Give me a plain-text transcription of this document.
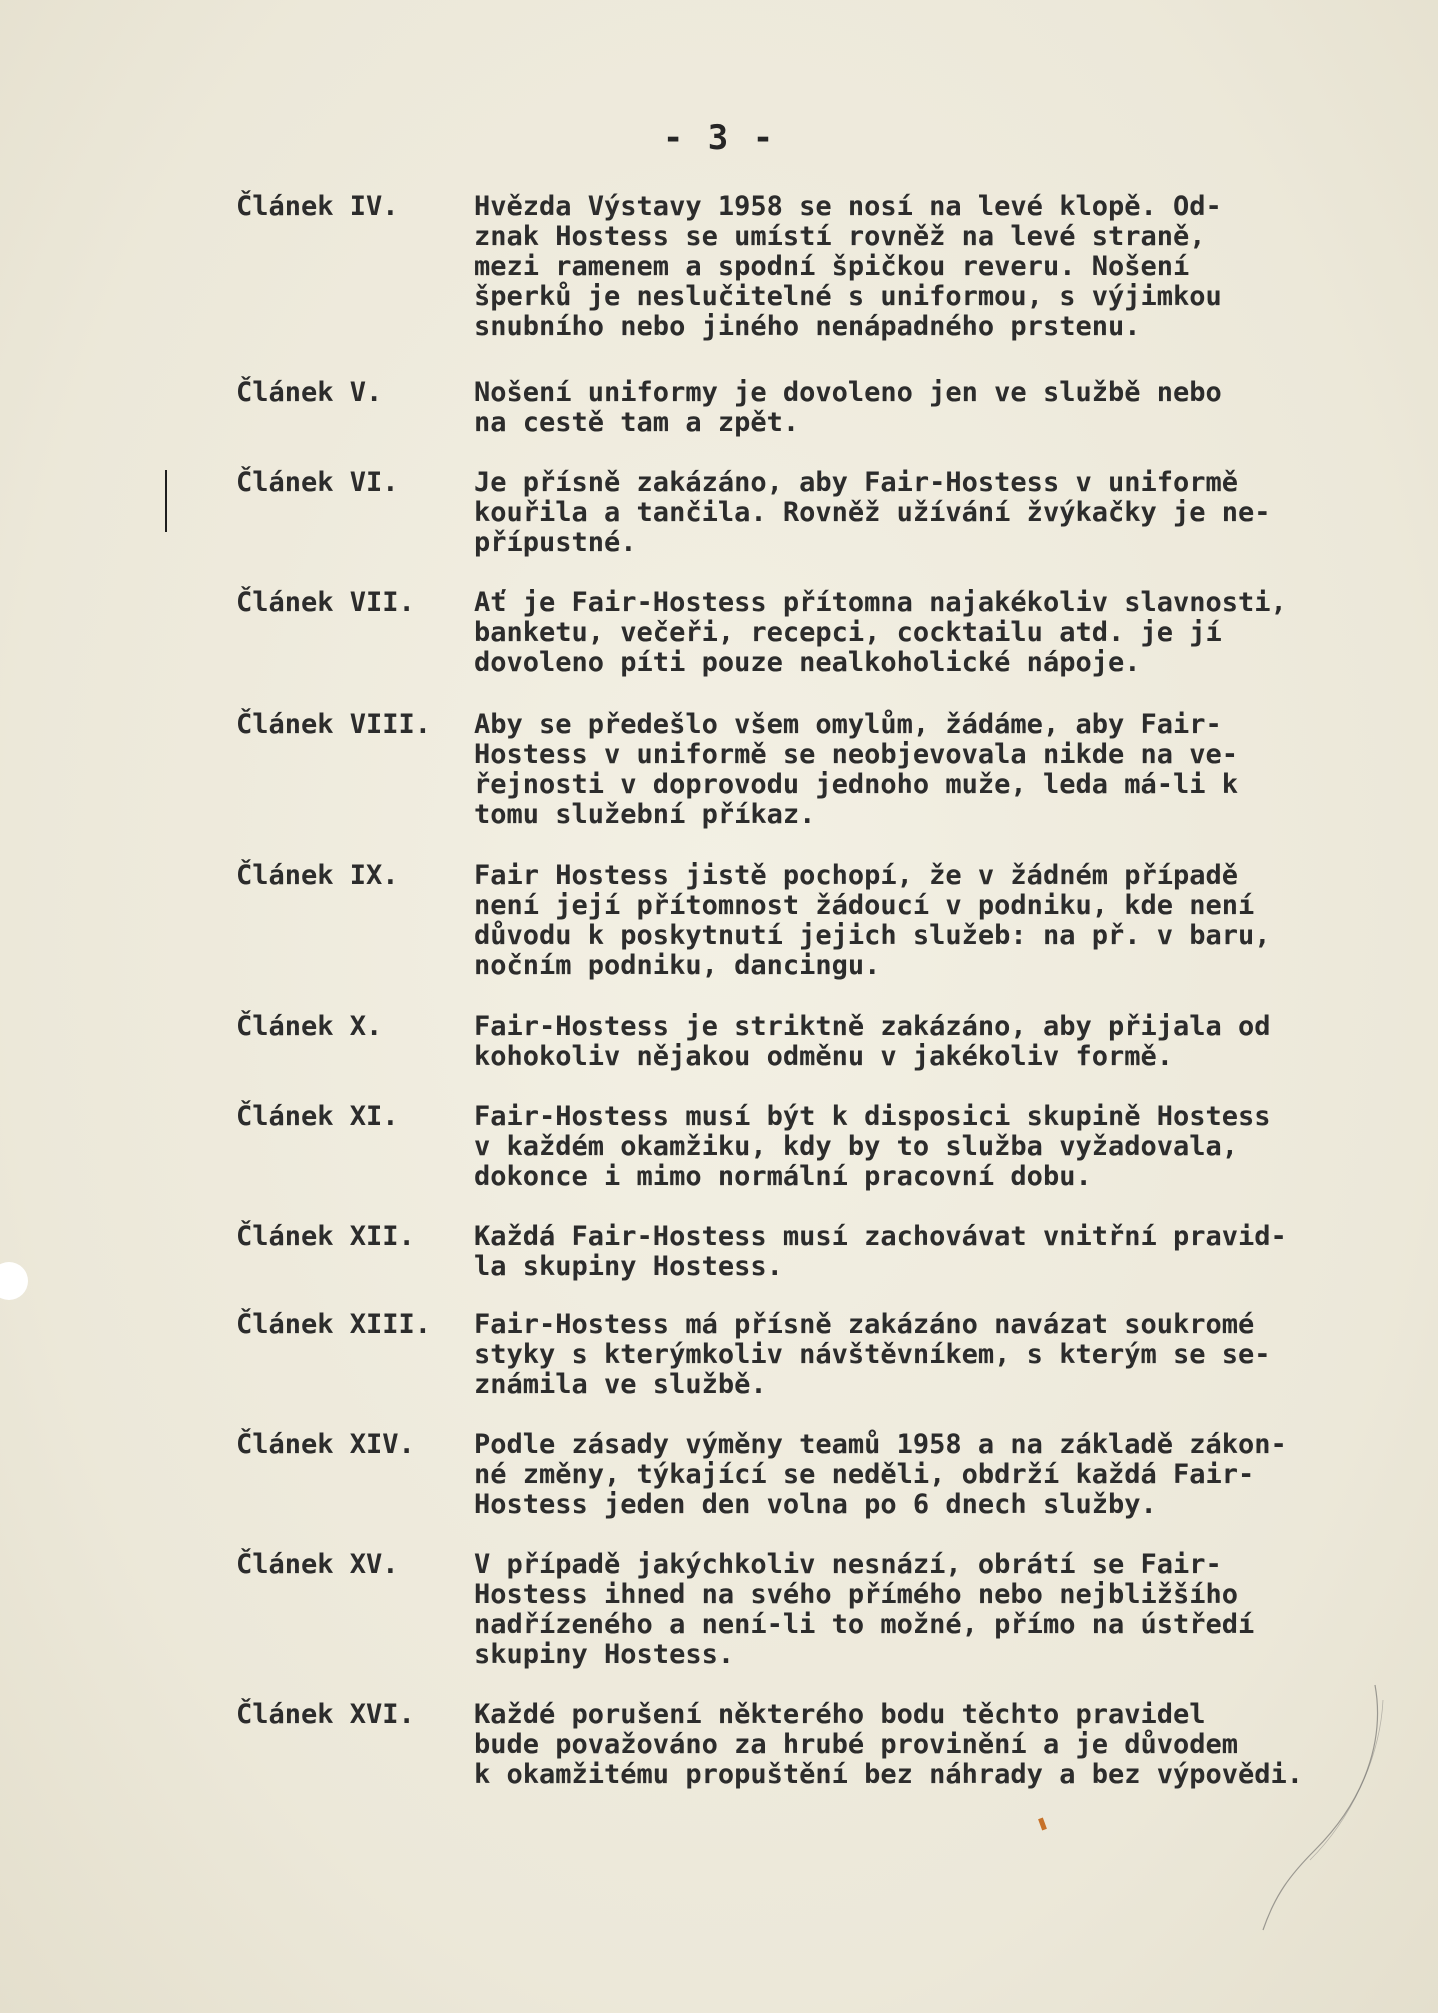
- 3 -
Článek IV.	Hvězda Výstavy 1958 se nosí na levé klopě. Od-
znak Hostess se umístí rovněž na levé straně,
mezi ramenem a spodní špičkou reveru. Nošení
šperků je neslučitelné s uniformou, s výjimkou
snubního nebo jiného nenápadného prstenu.
Článek V.	Nošení uniformy je dovoleno jen ve službě nebo
na cestě tam a zpět.
Článek VI.	Je přísně zakázáno, aby Fair-Hostess v uniformě
kouřila a tančila. Rovněž užívání žvýkačky je ne-
přípustné.
Článek VII.	Ať je Fair-Hostess přítomna najakékoliv slavnosti,
banketu, večeři, recepci, cocktailu atd. je jí
dovoleno píti pouze nealkoholické nápoje.
Článek VIII.	Aby se předešlo všem omylům, žádáme, aby Fair-
Hostess v uniformě se neobjevovala nikde na ve-
řejnosti v doprovodu jednoho muže, leda má-li k
tomu služební příkaz.
Článek IX.	Fair Hostess jistě pochopí, že v žádném případě
není její přítomnost žádoucí v podniku, kde není
důvodu k poskytnutí jejich služeb: na př. v baru,
nočním podniku, dancingu.
Článek X.	Fair-Hostess je striktně zakázáno, aby přijala od
kohokoliv nějakou odměnu v jakékoliv formě.
Článek XI.	Fair-Hostess musí být k disposici skupině Hostess
v každém okamžiku, kdy by to služba vyžadovala,
dokonce i mimo normální pracovní dobu.
Článek XII.	Každá Fair-Hostess musí zachovávat vnitřní pravid-
la skupiny Hostess.
Článek XIII.	Fair-Hostess má přísně zakázáno navázat soukromé
styky s kterýmkoliv návštěvníkem, s kterým se se-
známila ve službě.
Článek XIV.	Podle zásady výměny teamů 1958 a na základě zákon-
né změny, týkající se neděli, obdrží každá Fair-
Hostess jeden den volna po 6 dnech služby.
Článek XV.	V případě jakýchkoliv nesnází, obrátí se Fair-
Hostess ihned na svého přímého nebo nejbližšího
nadřízeného a není-li to možné, přímo na ústředí
skupiny Hostess.
Článek XVI.	Každé porušení některého bodu těchto pravidel
bude považováno za hrubé provinění a je důvodem
k okamžitému propuštění bez náhrady a bez výpovědi.
